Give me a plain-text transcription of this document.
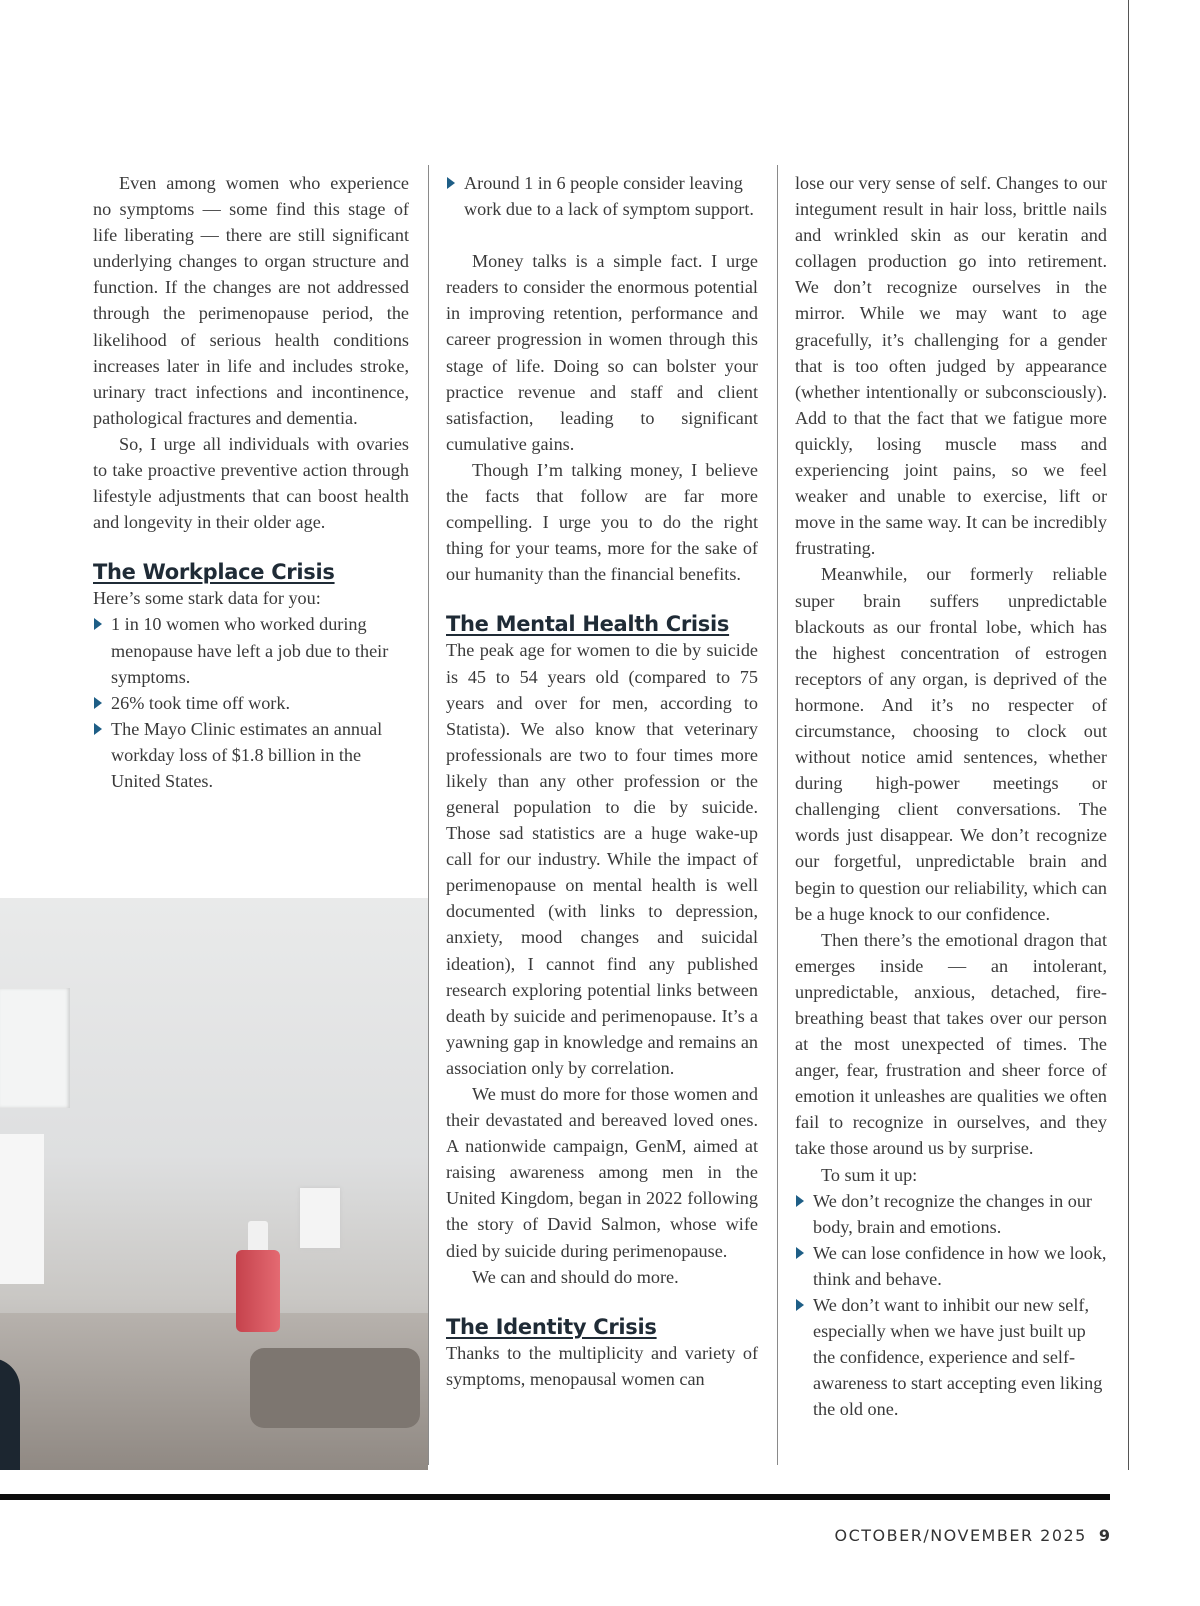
Even among women who experience no symptoms — some find this stage of life liberating — there are still significant underlying changes to organ structure and function. If the changes are not addressed through the perimenopause period, the likelihood of serious health conditions increases later in life and includes stroke, urinary tract infections and incontinence, pathological fractures and dementia.

So, I urge all individuals with ovaries to take proactive preventive action through lifestyle adjustments that can boost health and longevity in their older age.

The Workplace Crisis

Here’s some stark data for you:

1 in 10 women who worked during menopause have left a job due to their symptoms.
26% took time off work.
The Mayo Clinic estimates an annual workday loss of $1.8 billion in the United States.
Around 1 in 6 people consider leaving work due to a lack of symptom support.

Money talks is a simple fact. I urge readers to consider the enormous potential in improving retention, performance and career progression in women through this stage of life. Doing so can bolster your practice revenue and staff and client satisfaction, leading to significant cumulative gains.

Though I’m talking money, I believe the facts that follow are far more compelling. I urge you to do the right thing for your teams, more for the sake of our humanity than the financial benefits.

The Mental Health Crisis

The peak age for women to die by suicide is 45 to 54 years old (compared to 75 years and over for men, according to Statista). We also know that veterinary professionals are two to four times more likely than any other profession or the general population to die by suicide. Those sad statistics are a huge wake-up call for our industry. While the impact of perimenopause on mental health is well documented (with links to depression, anxiety, mood changes and suicidal ideation), I cannot find any published research exploring potential links between death by suicide and perimenopause. It’s a yawning gap in knowledge and remains an association only by correlation.

We must do more for those women and their devastated and bereaved loved ones. A nationwide campaign, GenM, aimed at raising awareness among men in the United Kingdom, began in 2022 following the story of David Salmon, whose wife died by suicide during perimenopause.

We can and should do more.

The Identity Crisis

Thanks to the multiplicity and variety of symptoms, menopausal women can

lose our very sense of self. Changes to our integument result in hair loss, brittle nails and wrinkled skin as our keratin and collagen production go into retirement. We don’t recognize ourselves in the mirror. While we may want to age gracefully, it’s challenging for a gender that is too often judged by appearance (whether intentionally or subconsciously). Add to that the fact that we fatigue more quickly, losing muscle mass and experiencing joint pains, so we feel weaker and unable to exercise, lift or move in the same way. It can be incredibly frustrating.

Meanwhile, our formerly reliable super brain suffers unpredictable blackouts as our frontal lobe, which has the highest concentration of estrogen receptors of any organ, is deprived of the hormone. And it’s no respecter of circumstance, choosing to clock out without notice amid sentences, whether during high-power meetings or challenging client conversations. The words just disappear. We don’t recognize our forgetful, unpredictable brain and begin to question our reliability, which can be a huge knock to our confidence.

Then there’s the emotional dragon that emerges inside — an intolerant, unpredictable, anxious, detached, fire-breathing beast that takes over our person at the most unexpected of times. The anger, fear, frustration and sheer force of emotion it unleashes are qualities we often fail to recognize in ourselves, and they take those around us by surprise.

To sum it up:

We don’t recognize the changes in our body, brain and emotions.
We can lose confidence in how we look, think and behave.
We don’t want to inhibit our new self, especially when we have just built up the confidence, experience and self-awareness to start accepting even liking the old one.
OCTOBER/NOVEMBER 2025 9
